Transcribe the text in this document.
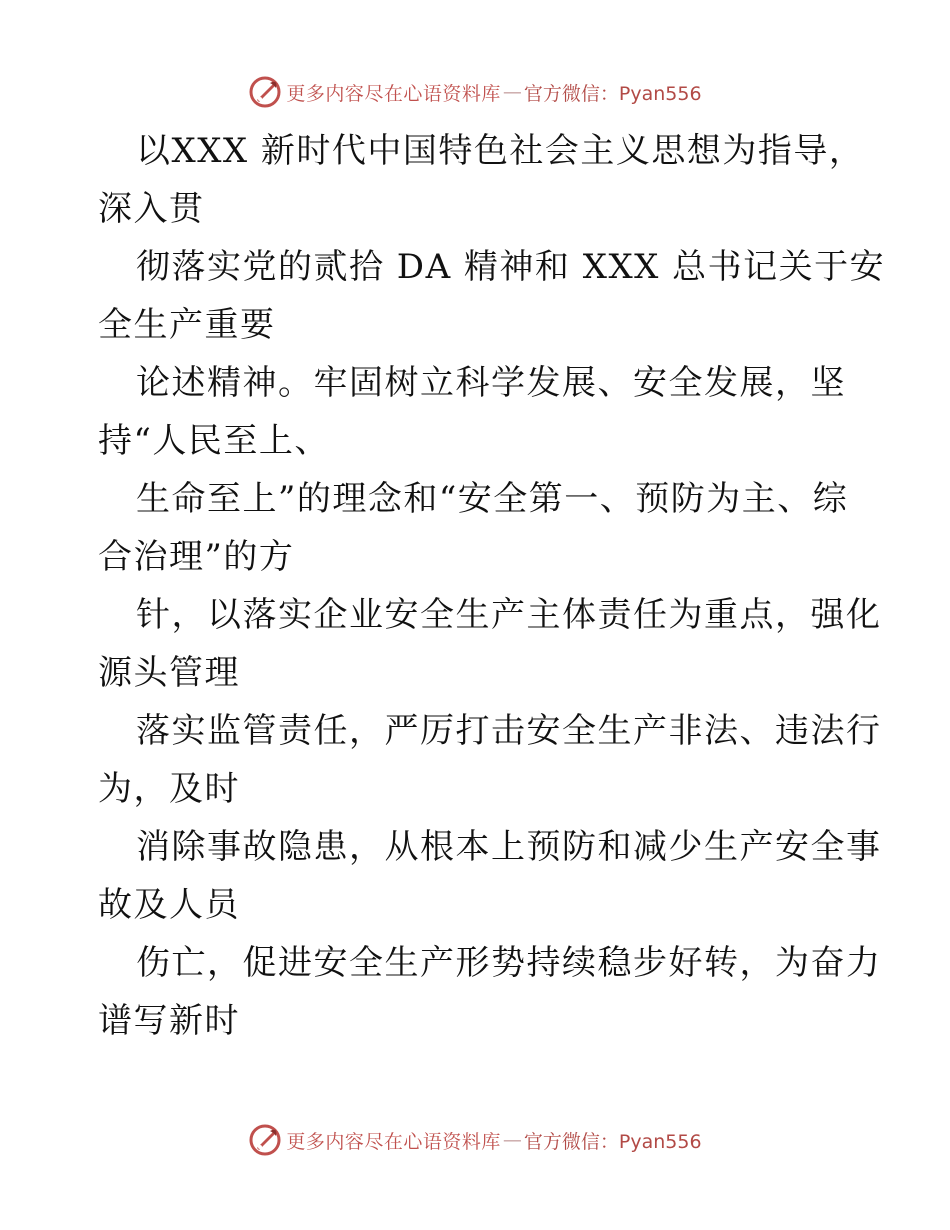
更多内容尽在心语资料库 — 官方微信：Pyan556
以XXX 新时代中国特色社会主义思想为指导，
深入贯
彻落实党的贰拾 DA 精神和 XXX 总书记关于安
全生产重要
论述精神。牢固树立科学发展、安全发展，坚
持“人民至上、
生命至上”的理念和“安全第一、预防为主、综
合治理”的方
针，以落实企业安全生产主体责任为重点，强化
源头管理
落实监管责任，严厉打击安全生产非法、违法行
为，及时
消除事故隐患，从根本上预防和减少生产安全事
故及人员
伤亡，促进安全生产形势持续稳步好转，为奋力
谱写新时
更多内容尽在心语资料库 — 官方微信：Pyan556
